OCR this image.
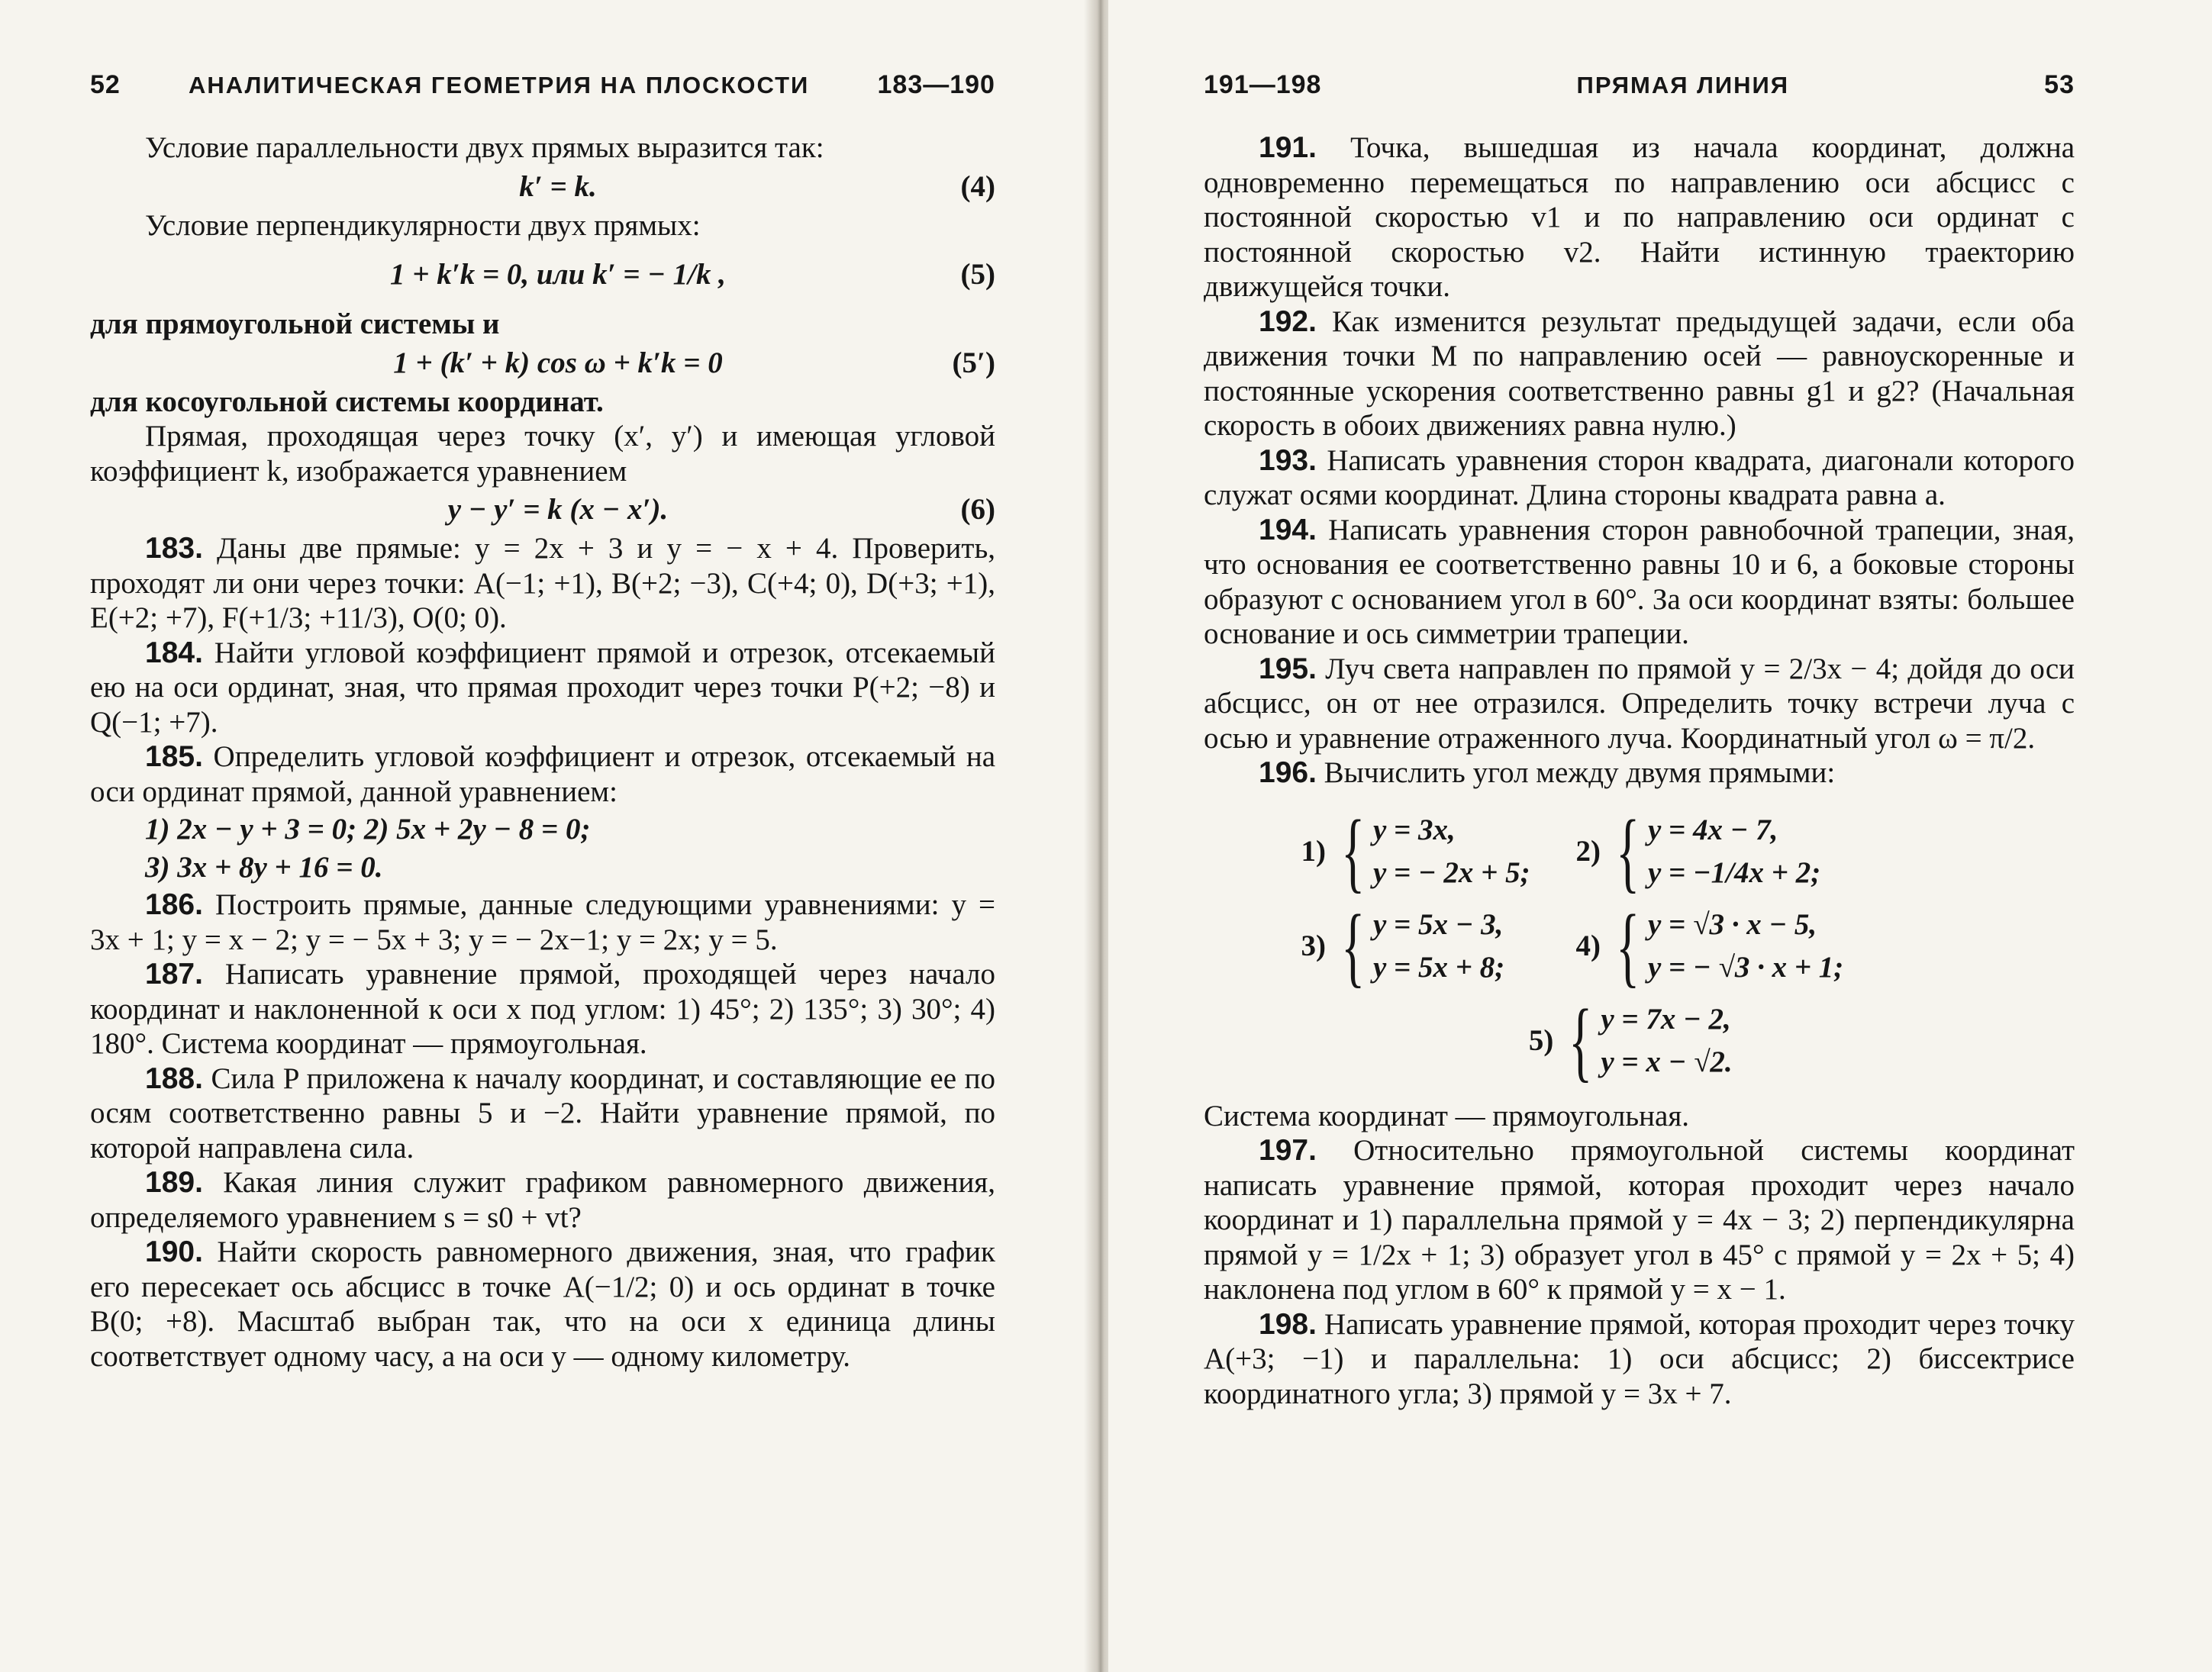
52	АНАЛИТИЧЕСКАЯ ГЕОМЕТРИЯ НА ПЛОСКОСТИ	183—190

Условие параллельности двух прямых выразится так:

k′ = k.	(4)

Условие перпендикулярности двух прямых:

1 + k′k = 0, или k′ = − 1/k ,	(5)

для прямоугольной системы и

1 + (k′ + k) cos ω + k′k = 0	(5′)

для косоугольной системы координат.

Прямая, проходящая через точку (x′, y′) и имеющая угловой коэффициент k, изображается уравнением

y − y′ = k (x − x′).	(6)

183. Даны две прямые: y = 2x + 3 и y = − x + 4. Проверить, проходят ли они через точки: A(−1; +1), B(+2; −3), C(+4; 0), D(+3; +1), E(+2; +7), F(+1/3; +11/3), O(0; 0).

184. Найти угловой коэффициент прямой и отрезок, отсекаемый ею на оси ординат, зная, что прямая проходит через точки P(+2; −8) и Q(−1; +7).

185. Определить угловой коэффициент и отрезок, отсекаемый на оси ординат прямой, данной уравнением:

1) 2x − y + 3 = 0; 2) 5x + 2y − 8 = 0;

3) 3x + 8y + 16 = 0.

186. Построить прямые, данные следующими уравнениями: y = 3x + 1; y = x − 2; y = − 5x + 3; y = − 2x−1; y = 2x; y = 5.

187. Написать уравнение прямой, проходящей через начало координат и наклоненной к оси x под углом: 1) 45°; 2) 135°; 3) 30°; 4) 180°. Система координат — прямоугольная.

188. Сила P приложена к началу координат, и составляющие ее по осям соответственно равны 5 и −2. Найти уравнение прямой, по которой направлена сила.

189. Какая линия служит графиком равномерного движения, определяемого уравнением s = s0 + vt?

190. Найти скорость равномерного движения, зная, что график его пересекает ось абсцисс в точке A(−1/2; 0) и ось ординат в точке B(0; +8). Масштаб выбран так, что на оси x единица длины соответствует одному часу, а на оси y — одному километру.

191—198	ПРЯМАЯ ЛИНИЯ	53

191. Точка, вышедшая из начала координат, должна одновременно перемещаться по направлению оси абсцисс с постоянной скоростью v1 и по направлению оси ординат с постоянной скоростью v2. Найти истинную траекторию движущейся точки.

192. Как изменится результат предыдущей задачи, если оба движения точки M по направлению осей — равноускоренные и постоянные ускорения соответственно равны g1 и g2? (Начальная скорость в обоих движениях равна нулю.)

193. Написать уравнения сторон квадрата, диагонали которого служат осями координат. Длина стороны квадрата равна a.

194. Написать уравнения сторон равнобочной трапеции, зная, что основания ее соответственно равны 10 и 6, а боковые стороны образуют с основанием угол в 60°. За оси координат взяты: большее основание и ось симметрии трапеции.

195. Луч света направлен по прямой y = 2/3x − 4; дойдя до оси абсцисс, он от нее отразился. Определить точку встречи луча с осью и уравнение отраженного луча. Координатный угол ω = π/2.

196. Вычислить угол между двумя прямыми:

1) { y = 3x,
y = − 2x + 5;
2) { y = 4x − 7,
y = −1/4x + 2;
3) { y = 5x − 3,
y = 5x + 8;
4) { y = √3 · x − 5,
y = − √3 · x + 1;
5) { y = 7x − 2,
y = x − √2.

Система координат — прямоугольная.

197. Относительно прямоугольной системы координат написать уравнение прямой, которая проходит через начало координат и 1) параллельна прямой y = 4x − 3; 2) перпендикулярна прямой y = 1/2x + 1; 3) образует угол в 45° с прямой y = 2x + 5; 4) наклонена под углом в 60° к прямой y = x − 1.

198. Написать уравнение прямой, которая проходит через точку A(+3; −1) и параллельна: 1) оси абсцисс; 2) биссектрисе координатного угла; 3) прямой y = 3x + 7.
